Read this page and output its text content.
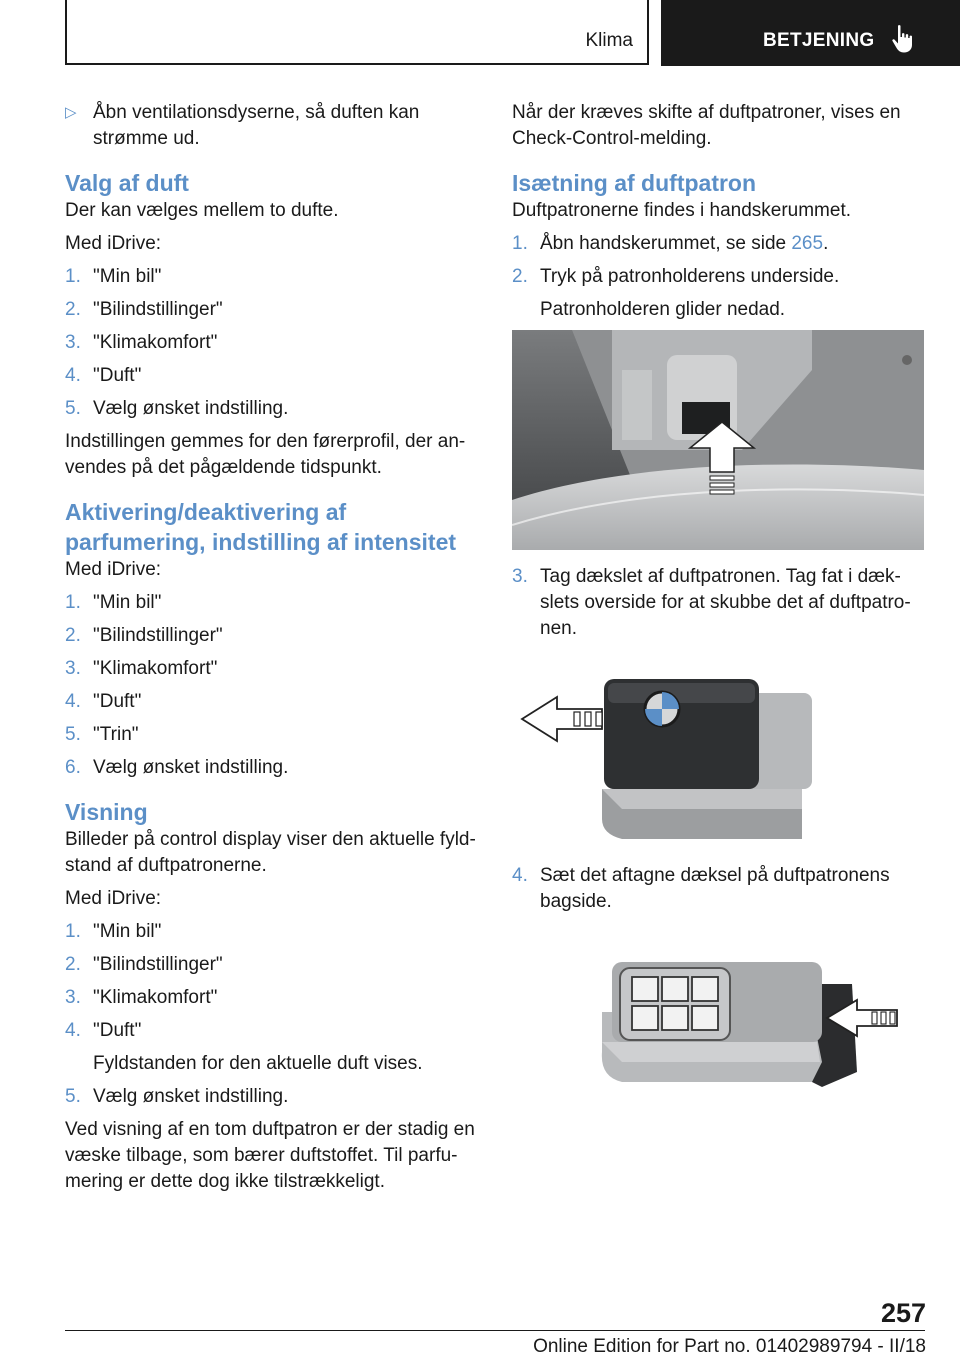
Klima	BETJENING
▷ Åbn ventilationsdyserne, så duften kan
strømme ud.
Valg af duft
Der kan vælges mellem to dufte.
Med iDrive:
1. "Min bil"
2. "Bilindstillinger"
3. "Klimakomfort"
4. "Duft"
5. Vælg ønsket indstilling.
Indstillingen gemmes for den førerprofil, der an-
vendes på det pågældende tidspunkt.
Aktivering/deaktivering af
parfumering, indstilling af intensitet
Med iDrive:
1. "Min bil"
2. "Bilindstillinger"
3. "Klimakomfort"
4. "Duft"
5. "Trin"
6. Vælg ønsket indstilling.
Visning
Billeder på control display viser den aktuelle fyld-
stand af duftpatronerne.
Med iDrive:
1. "Min bil"
2. "Bilindstillinger"
3. "Klimakomfort"
4. "Duft"
Fyldstanden for den aktuelle duft vises.
5. Vælg ønsket indstilling.
Ved visning af en tom duftpatron er der stadig en
væske tilbage, som bærer duftstoffet. Til parfu-
mering er dette dog ikke tilstrækkeligt.
Når der kræves skifte af duftpatroner, vises en
Check-Control-melding.
Isætning af duftpatron
Duftpatronerne findes i handskerummet.
1. Åbn handskerummet, se side 265.
2. Tryk på patronholderens underside.
Patronholderen glider nedad.
3. Tag dækslet af duftpatronen. Tag fat i dæk-
slets overside for at skubbe det af duftpatro-
nen.
4. Sæt det aftagne dæksel på duftpatronens
bagside.
257
Online Edition for Part no. 01402989794 - II/18
